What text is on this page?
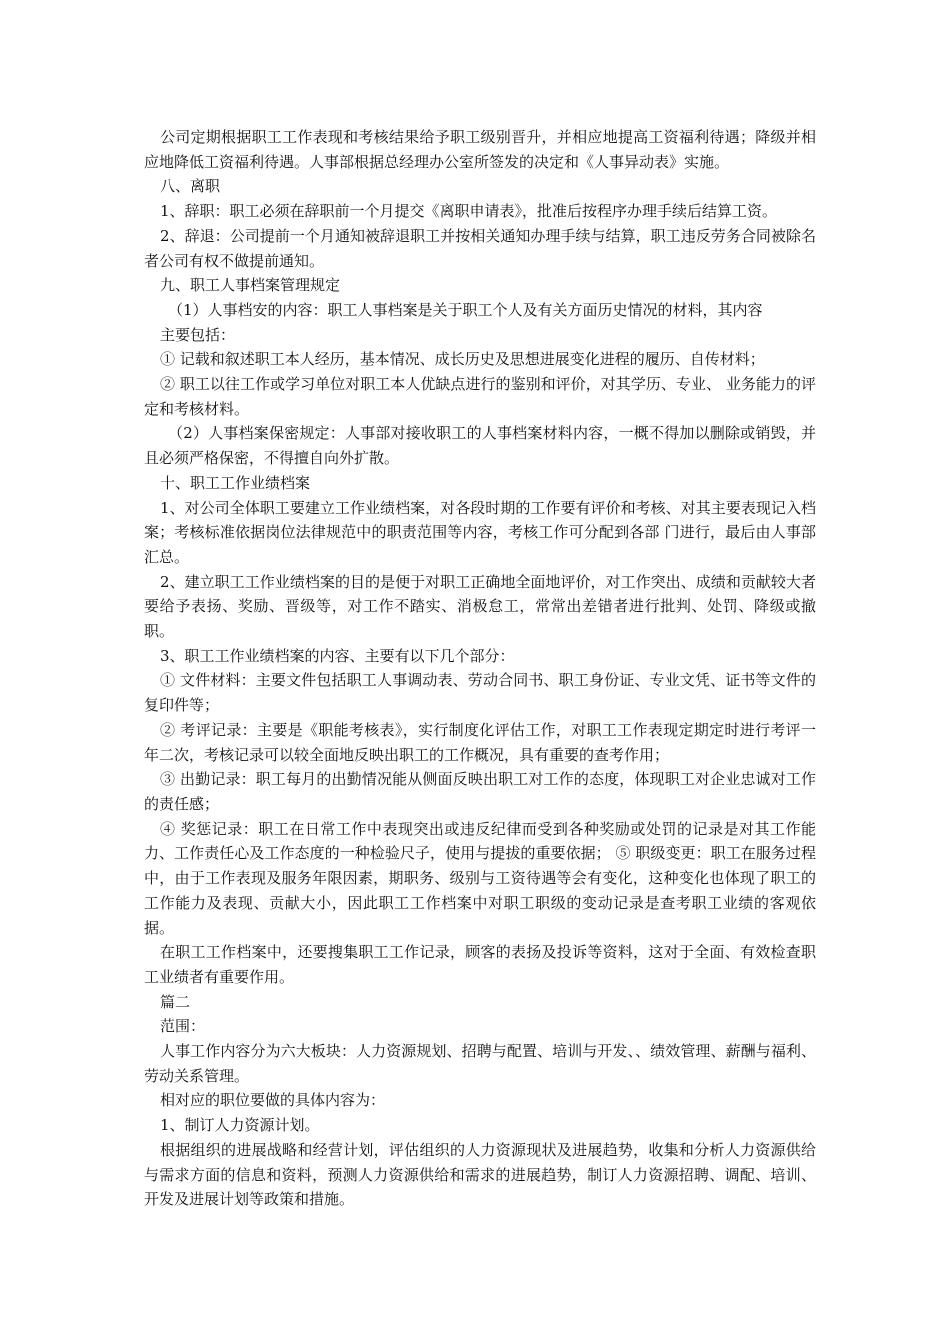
公司定期根据职工工作表现和考核结果给予职工级别晋升，并相应地提高工资福利待遇；降级并相应地降低工资福利待遇。人事部根据总经理办公室所签发的决定和《人事异动表》实施。

八、离职

1、辞职：职工必须在辞职前一个月提交《离职申请表》，批准后按程序办理手续后结算工资。

2、辞退：公司提前一个月通知被辞退职工并按相关通知办理手续与结算，职工违反劳务合同被除名者公司有权不做提前通知。

九、职工人事档案管理规定

（1）人事档安的内容：职工人事档案是关于职工个人及有关方面历史情况的材料，其内容

主要包括：

① 记载和叙述职工本人经历，基本情况、成长历史及思想进展变化进程的履历、自传材料；

② 职工以往工作或学习单位对职工本人优缺点进行的鉴别和评价，对其学历、专业、 业务能力的评定和考核材料。

（2）人事档案保密规定：人事部对接收职工的人事档案材料内容，一概不得加以删除或销毁，并且必须严格保密，不得擅自向外扩散。

十、职工工作业绩档案

1、对公司全体职工要建立工作业绩档案，对各段时期的工作要有评价和考核、对其主要表现记入档案；考核标准依据岗位法律规范中的职责范围等内容，考核工作可分配到各部 门进行，最后由人事部汇总。

2、建立职工工作业绩档案的目的是便于对职工正确地全面地评价，对工作突出、成绩和贡献较大者要给予表扬、奖励、晋级等，对工作不踏实、消极怠工，常常出差错者进行批判、处罚、降级或撤职。

3、职工工作业绩档案的内容、主要有以下几个部分：

① 文件材料：主要文件包括职工人事调动表、劳动合同书、职工身份证、专业文凭、证书等文件的复印件等；

② 考评记录：主要是《职能考核表》，实行制度化评估工作，对职工工作表现定期定时进行考评一年二次，考核记录可以较全面地反映出职工的工作概况，具有重要的查考作用；

③ 出勤记录：职工每月的出勤情况能从侧面反映出职工对工作的态度，体现职工对企业忠诚对工作的责任感；

④ 奖惩记录：职工在日常工作中表现突出或违反纪律而受到各种奖励或处罚的记录是对其工作能力、工作责任心及工作态度的一种检验尺子，使用与提拔的重要依据； ⑤ 职级变更：职工在服务过程中，由于工作表现及服务年限因素，期职务、级别与工资待遇等会有变化，这种变化也体现了职工的工作能力及表现、贡献大小，因此职工工作档案中对职工职级的变动记录是查考职工业绩的客观依据。

在职工工作档案中，还要搜集职工工作记录，顾客的表扬及投诉等资料，这对于全面、有效检查职工业绩者有重要作用。

篇二

范围：

人事工作内容分为六大板块：人力资源规划、招聘与配置、培训与开发、、绩效管理、薪酬与福利、劳动关系管理。

相对应的职位要做的具体内容为：

1、制订人力资源计划。

根据组织的进展战略和经营计划，评估组织的人力资源现状及进展趋势，收集和分析人力资源供给与需求方面的信息和资料，预测人力资源供给和需求的进展趋势，制订人力资源招聘、调配、培训、开发及进展计划等政策和措施。
